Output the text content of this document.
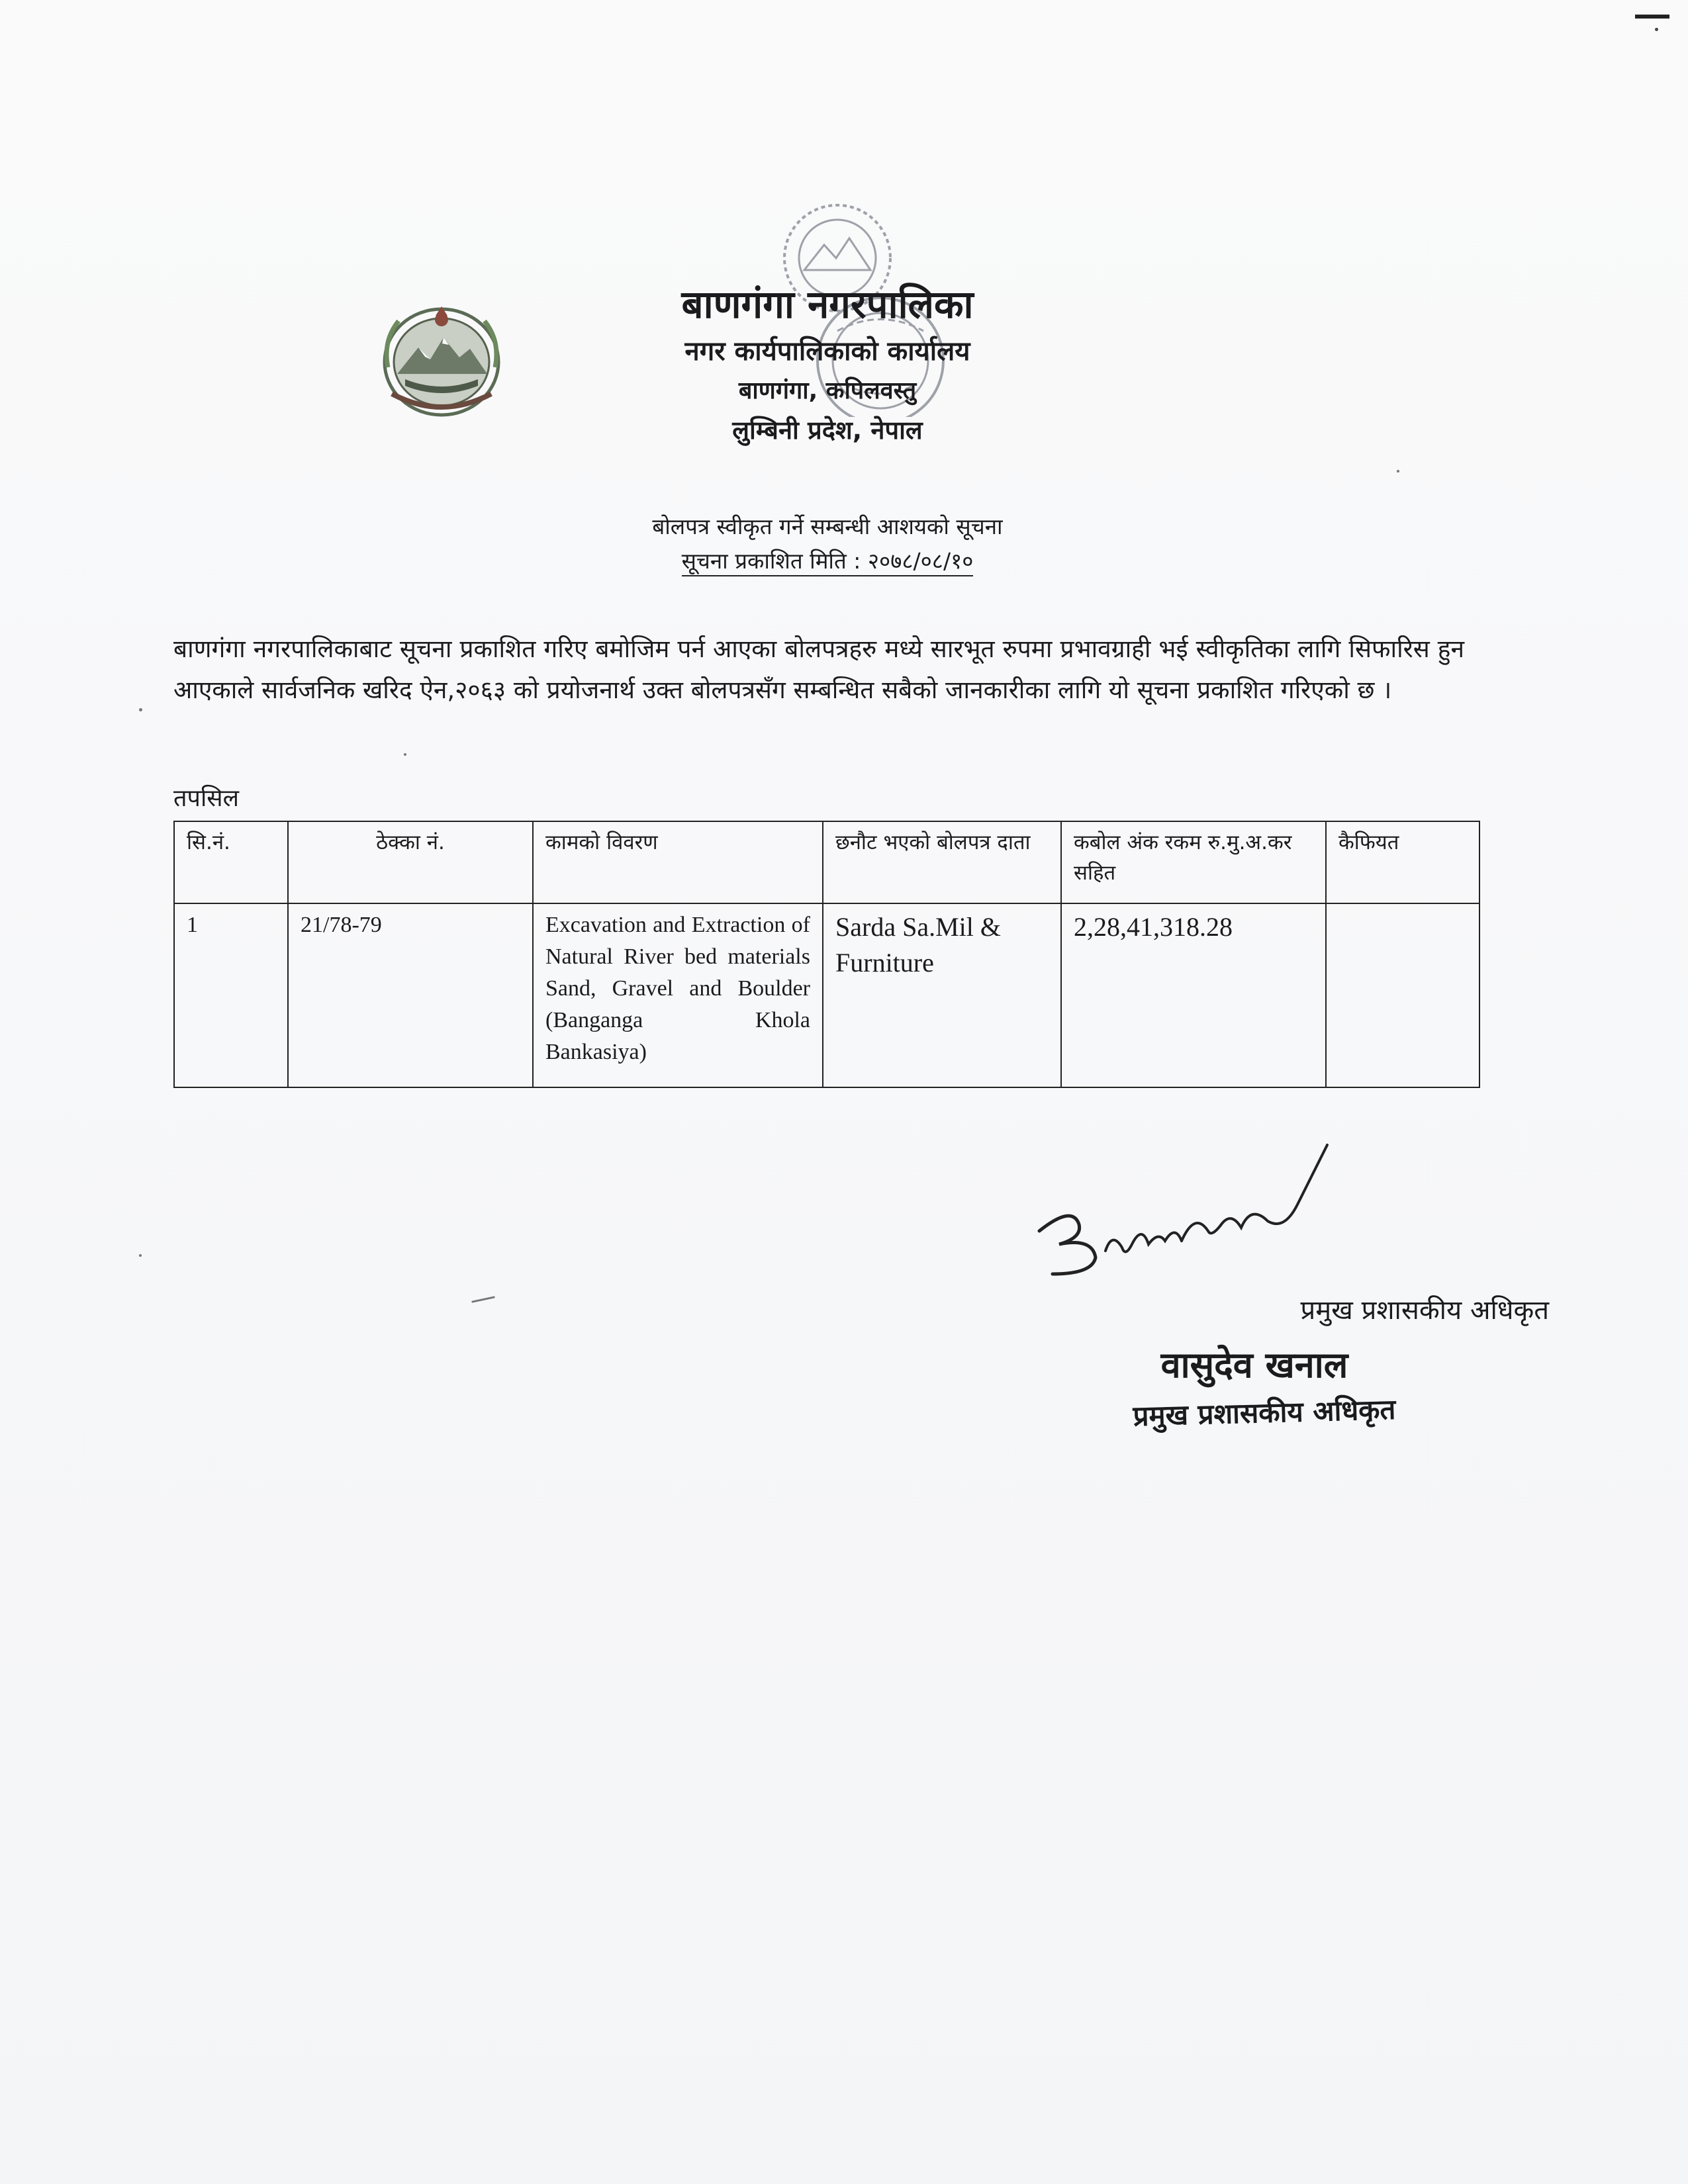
बाणगंगा नगरपालिका
नगर कार्यपालिकाको कार्यालय
बाणगंगा, कपिलवस्तु
लुम्बिनी प्रदेश, नेपाल
बोलपत्र स्वीकृत गर्ने सम्बन्धी आशयको सूचना
सूचना प्रकाशित मिति : २०७८/०८/१०
बाणगंगा नगरपालिकाबाट सूचना प्रकाशित गरिए बमोजिम पर्न आएका बोलपत्रहरु मध्ये सारभूत रुपमा प्रभावग्राही भई स्वीकृतिका लागि सिफारिस हुन आएकाले सार्वजनिक खरिद ऐन,२०६३ को प्रयोजनार्थ उक्त बोलपत्रसँग सम्बन्धित सबैको जानकारीका लागि यो सूचना प्रकाशित गरिएको छ ।
तपसिल
सि.नं.	ठेक्का नं.	कामको विवरण	छनौट भएको बोलपत्र दाता	कबोल अंक रकम रु.मु.अ.कर सहित	कैफियत
1	21/78-79	Excavation and Extraction of Natural River bed materials Sand, Gravel and Boulder (Banganga Khola Bankasiya)	Sarda Sa.Mil & Furniture	2,28,41,318.28	
प्रमुख प्रशासकीय अधिकृत
वासुदेव खनाल
प्रमुख प्रशासकीय अधिकृत
